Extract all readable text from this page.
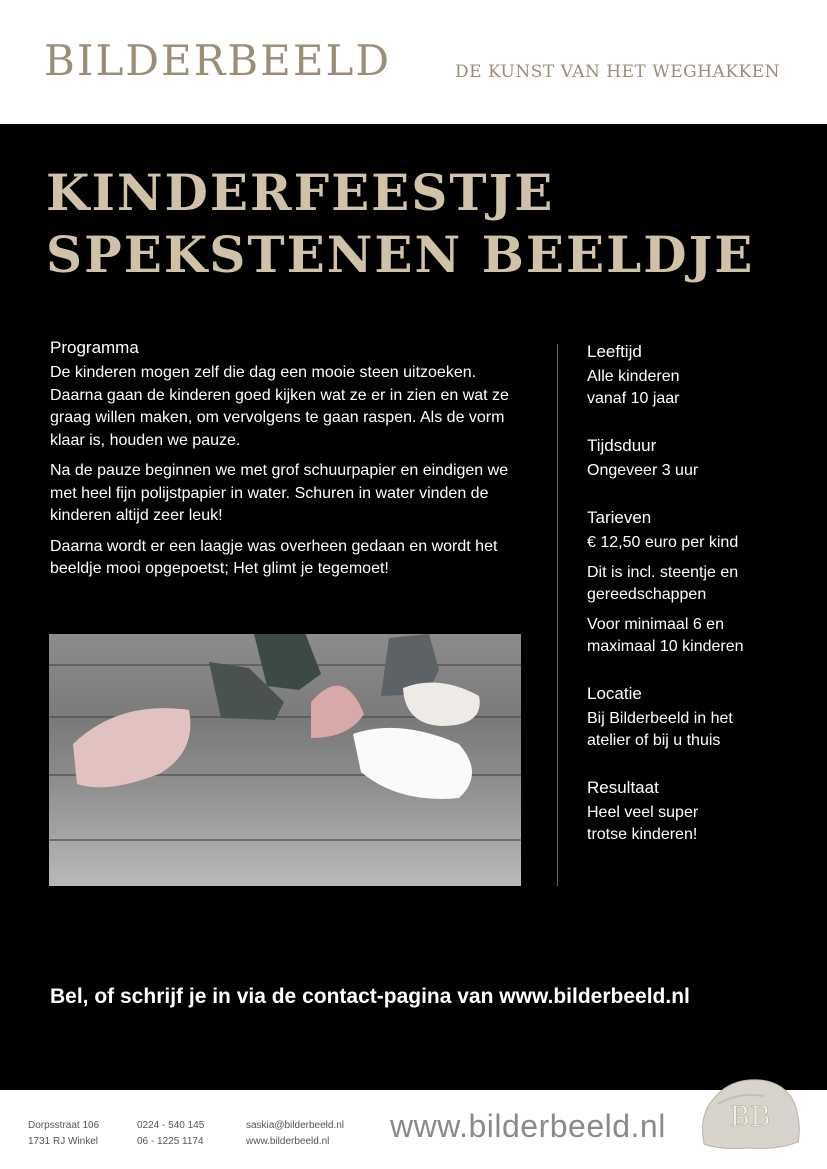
BILDERBEELD	DE KUNST VAN HET WEGHAKKEN
KINDERFEESTJE
SPEKSTENEN BEELDJE
Programma

De kinderen mogen zelf die dag een mooie steen uitzoeken. Daarna gaan de kinderen goed kijken wat ze er in zien en wat ze graag willen maken, om vervolgens te gaan raspen. Als de vorm klaar is, houden we pauze.

Na de pauze beginnen we met grof schuurpapier en eindigen we met heel fijn polijstpapier in water. Schuren in water vinden de kinderen altijd zeer leuk!

Daarna wordt er een laagje was overheen gedaan en wordt het beeldje mooi opgepoetst; Het glimt je tegemoet!

Leeftijd

Alle kinderen

vanaf 10 jaar

Tijdsduur

Ongeveer 3 uur

Tarieven

€ 12,50 euro per kind

Dit is incl. steentje en

gereedschappen

Voor minimaal 6 en

maximaal 10 kinderen

Locatie

Bij Bilderbeeld in het

atelier of bij u thuis

Resultaat

Heel veel super

trotse kinderen!

Bel, of schrijf je in via de contact-pagina van www.bilderbeeld.nl
Dorpsstraat 106
1731 RJ Winkel
0224 - 540 145
06 - 1225 1174
saskia@bilderbeeld.nl
www.bilderbeeld.nl	www.bilderbeeld.nl BB
